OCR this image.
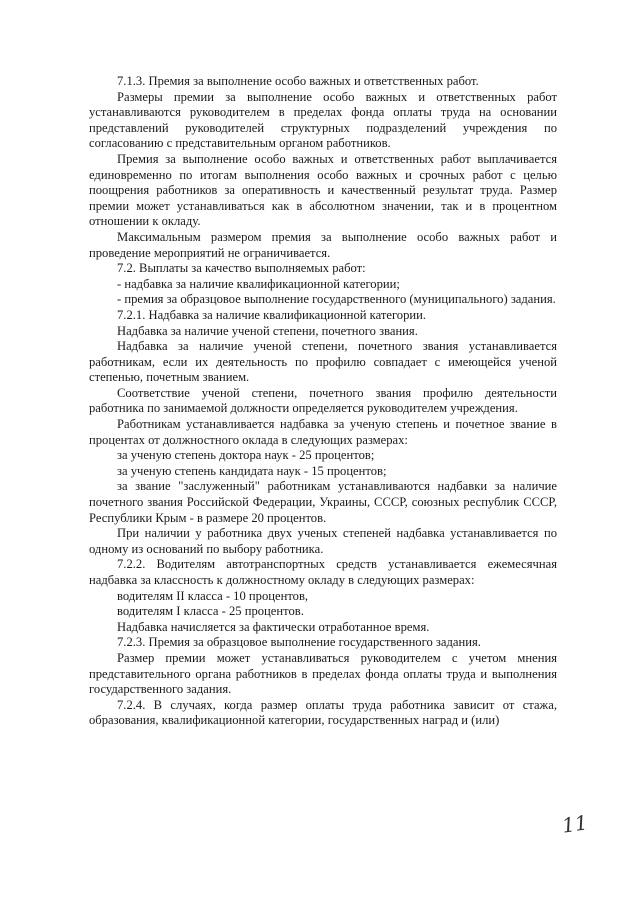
7.1.3. Премия за выполнение особо важных и ответственных работ.

Размеры премии за выполнение особо важных и ответственных работ устанавливаются руководителем в пределах фонда оплаты труда на основании представлений руководителей структурных подразделений учреждения по согласованию с представительным органом работников.

Премия за выполнение особо важных и ответственных работ выплачивается единовременно по итогам выполнения особо важных и срочных работ с целью поощрения работников за оперативность и качественный результат труда. Размер премии может устанавливаться как в абсолютном значении, так и в процентном отношении к окладу.

Максимальным размером премия за выполнение особо важных работ и проведение мероприятий не ограничивается.

7.2. Выплаты за качество выполняемых работ:

- надбавка за наличие квалификационной категории;

- премия за образцовое выполнение государственного (муниципального) задания.

7.2.1. Надбавка за наличие квалификационной категории.

Надбавка за наличие ученой степени, почетного звания.

Надбавка за наличие ученой степени, почетного звания устанавливается работникам, если их деятельность по профилю совпадает с имеющейся ученой степенью, почетным званием.

Соответствие ученой степени, почетного звания профилю деятельности работника по занимаемой должности определяется руководителем учреждения.

Работникам устанавливается надбавка за ученую степень и почетное звание в процентах от должностного оклада в следующих размерах:

за ученую степень доктора наук - 25 процентов;

за ученую степень кандидата наук - 15 процентов;

за звание "заслуженный" работникам устанавливаются надбавки за наличие почетного звания Российской Федерации, Украины, СССР, союзных республик СССР, Республики Крым - в размере 20 процентов.

При наличии у работника двух ученых степеней надбавка устанавливается по одному из оснований по выбору работника.

7.2.2. Водителям автотранспортных средств устанавливается ежемесячная надбавка за классность к должностному окладу в следующих размерах:

водителям II класса - 10 процентов,

водителям I класса - 25 процентов.

Надбавка начисляется за фактически отработанное время.

7.2.3. Премия за образцовое выполнение государственного задания.

Размер премии может устанавливаться руководителем с учетом мнения представительного органа работников в пределах фонда оплаты труда и выполнения государственного задания.

7.2.4. В случаях, когда размер оплаты труда работника зависит от стажа, образования, квалификационной категории, государственных наград и (или)

11
